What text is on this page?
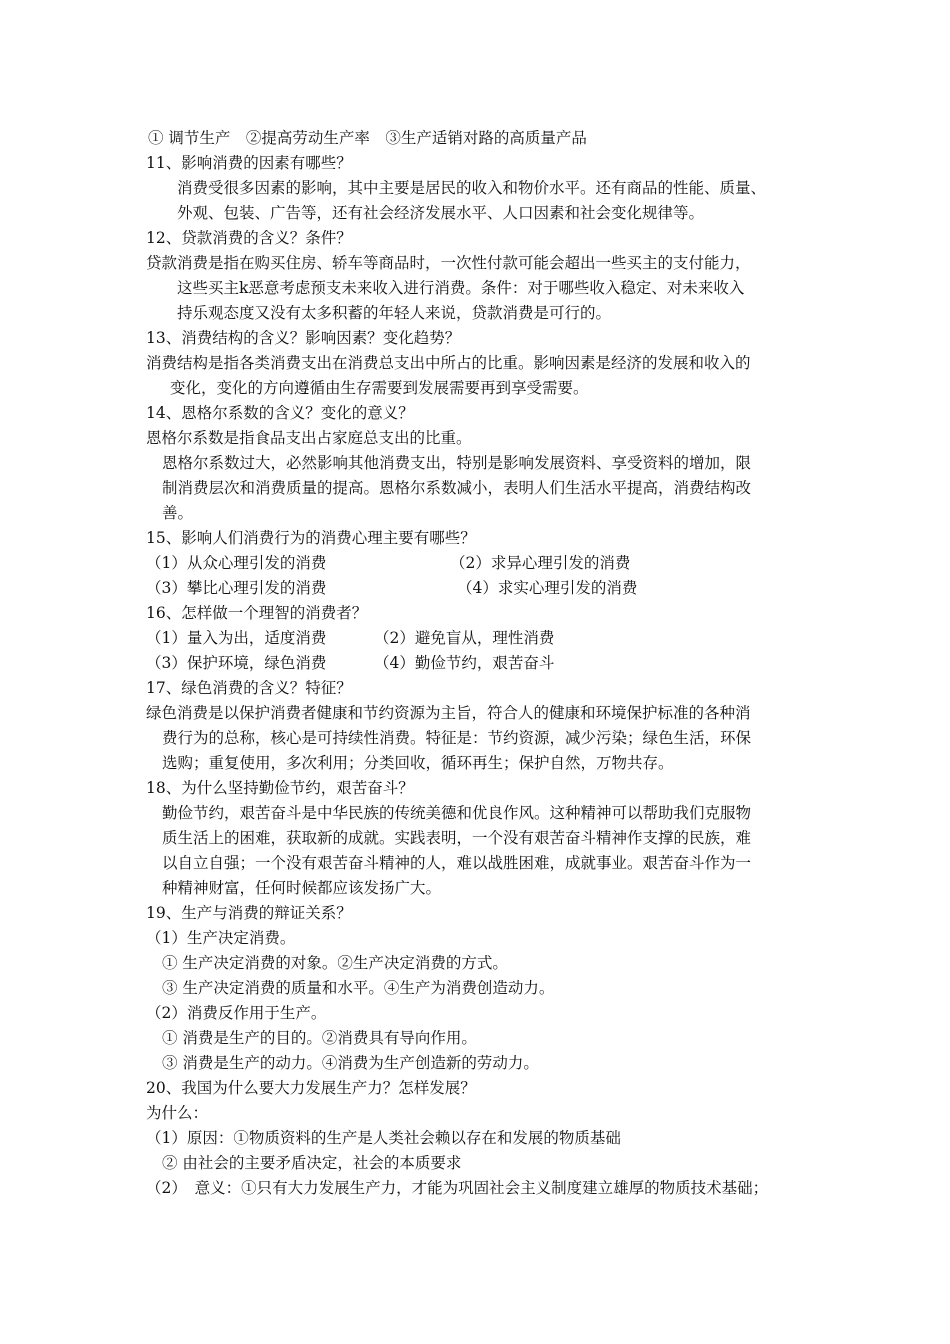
① 调节生产　②提高劳动生产率　③生产适销对路的高质量产品
11、影响消费的因素有哪些？
消费受很多因素的影响，其中主要是居民的收入和物价水平。还有商品的性能、质量、
外观、包装、广告等，还有社会经济发展水平、人口因素和社会变化规律等。
12、贷款消费的含义？条件？
贷款消费是指在购买住房、轿车等商品时，一次性付款可能会超出一些买主的支付能力，
这些买主k恶意考虑预支未来收入进行消费。条件：对于哪些收入稳定、对未来收入
持乐观态度又没有太多积蓄的年轻人来说，贷款消费是可行的。
13、消费结构的含义？影响因素？变化趋势？
消费结构是指各类消费支出在消费总支出中所占的比重。影响因素是经济的发展和收入的
变化，变化的方向遵循由生存需要到发展需要再到享受需要。
14、恩格尔系数的含义？变化的意义？
恩格尔系数是指食品支出占家庭总支出的比重。
恩格尔系数过大，必然影响其他消费支出，特别是影响发展资料、享受资料的增加，限
制消费层次和消费质量的提高。恩格尔系数减小，表明人们生活水平提高，消费结构改
善。
15、影响人们消费行为的消费心理主要有哪些？
（1）从众心理引发的消费	（2）求异心理引发的消费
（3）攀比心理引发的消费	（4）求实心理引发的消费
16、怎样做一个理智的消费者？
（1）量入为出，适度消费	（2）避免盲从，理性消费
（3）保护环境，绿色消费	（4）勤俭节约，艰苦奋斗
17、绿色消费的含义？特征？
绿色消费是以保护消费者健康和节约资源为主旨，符合人的健康和环境保护标准的各种消
费行为的总称，核心是可持续性消费。特征是：节约资源，减少污染；绿色生活，环保
选购；重复使用，多次利用；分类回收，循环再生；保护自然，万物共存。
18、为什么坚持勤俭节约，艰苦奋斗？
勤俭节约，艰苦奋斗是中华民族的传统美德和优良作风。这种精神可以帮助我们克服物
质生活上的困难，获取新的成就。实践表明，一个没有艰苦奋斗精神作支撑的民族，难
以自立自强；一个没有艰苦奋斗精神的人，难以战胜困难，成就事业。艰苦奋斗作为一
种精神财富，任何时候都应该发扬广大。
19、生产与消费的辩证关系？
（1）生产决定消费。
① 生产决定消费的对象。②生产决定消费的方式。
③ 生产决定消费的质量和水平。④生产为消费创造动力。
（2）消费反作用于生产。
① 消费是生产的目的。②消费具有导向作用。
③ 消费是生产的动力。④消费为生产创造新的劳动力。
20、我国为什么要大力发展生产力？怎样发展？
为什么：
（1）原因：①物质资料的生产是人类社会赖以存在和发展的物质基础
② 由社会的主要矛盾决定，社会的本质要求
（2）　意义：①只有大力发展生产力，才能为巩固社会主义制度建立雄厚的物质技术基础；
